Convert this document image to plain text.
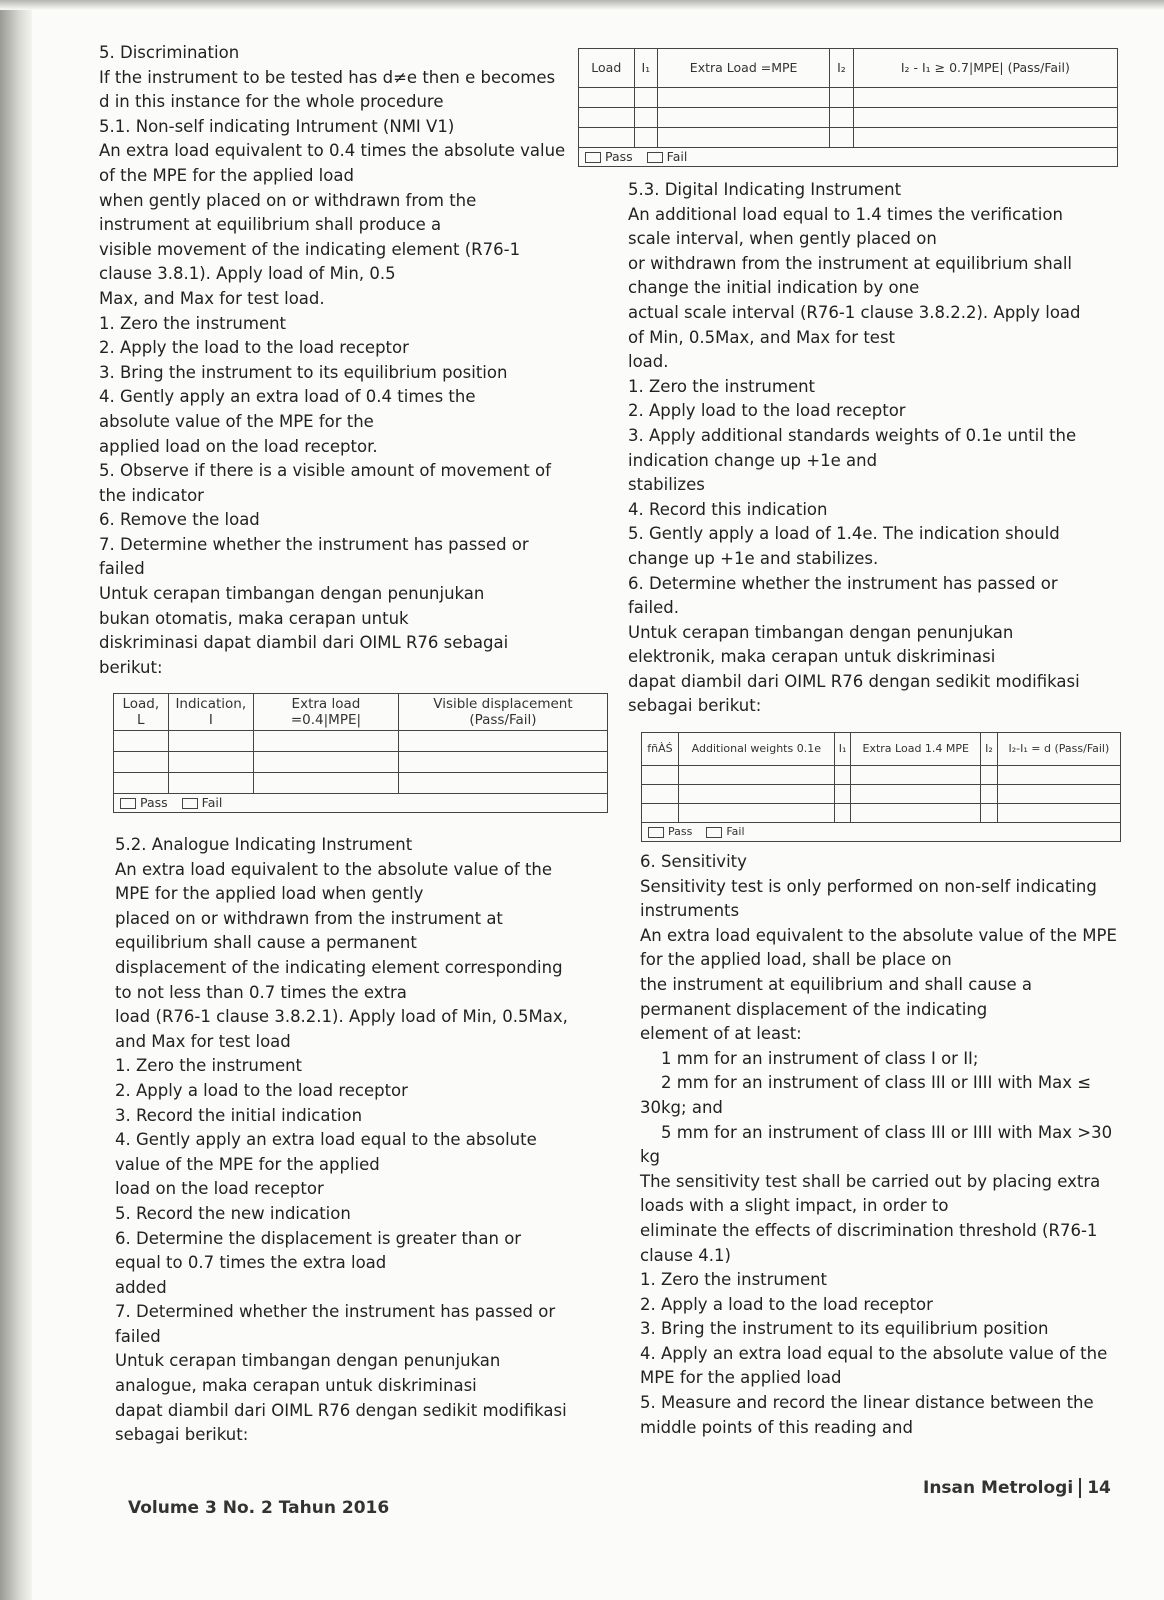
5. Discrimination
If the instrument to be tested has d≠e then e becomes
d in this instance for the whole procedure
5.1. Non-self indicating Intrument (NMI V1)
An extra load equivalent to 0.4 times the absolute value
of the MPE for the applied load
when gently placed on or withdrawn from the
instrument at equilibrium shall produce a
visible movement of the indicating element (R76-1
clause 3.8.1). Apply load of Min, 0.5
Max, and Max for test load.
1. Zero the instrument
2. Apply the load to the load receptor
3. Bring the instrument to its equilibrium position
4. Gently apply an extra load of 0.4 times the
absolute value of the MPE for the
applied load on the load receptor.
5. Observe if there is a visible amount of movement of
the indicator
6. Remove the load
7. Determine whether the instrument has passed or
failed
Untuk cerapan timbangan dengan penunjukan
bukan otomatis, maka cerapan untuk
diskriminasi dapat diambil dari OIML R76 sebagai
berikut:
5.2. Analogue Indicating Instrument
An extra load equivalent to the absolute value of the
MPE for the applied load when gently
placed on or withdrawn from the instrument at
equilibrium shall cause a permanent
displacement of the indicating element corresponding
to not less than 0.7 times the extra
load (R76-1 clause 3.8.2.1). Apply load of Min, 0.5Max,
and Max for test load
1. Zero the instrument
2. Apply a load to the load receptor
3. Record the initial indication
4. Gently apply an extra load equal to the absolute
value of the MPE for the applied
load on the load receptor
5. Record the new indication
6. Determine the displacement is greater than or
equal to 0.7 times the extra load
added
7. Determined whether the instrument has passed or
failed
Untuk cerapan timbangan dengan penunjukan
analogue, maka cerapan untuk diskriminasi
dapat diambil dari OIML R76 dengan sedikit modifikasi
sebagai berikut:
5.3. Digital Indicating Instrument
An additional load equal to 1.4 times the verification
scale interval, when gently placed on
or withdrawn from the instrument at equilibrium shall
change the initial indication by one
actual scale interval (R76-1 clause 3.8.2.2). Apply load
of Min, 0.5Max, and Max for test
load.
1. Zero the instrument
2. Apply load to the load receptor
3. Apply additional standards weights of 0.1e until the
indication change up +1e and
stabilizes
4. Record this indication
5. Gently apply a load of 1.4e. The indication should
change up +1e and stabilizes.
6. Determine whether the instrument has passed or
failed.
Untuk cerapan timbangan dengan penunjukan
elektronik, maka cerapan untuk diskriminasi
dapat diambil dari OIML R76 dengan sedikit modifikasi
sebagai berikut:
6. Sensitivity
Sensitivity test is only performed on non-self indicating
instruments
An extra load equivalent to the absolute value of the MPE
for the applied load, shall be place on
the instrument at equilibrium and shall cause a
permanent displacement of the indicating
element of at least:
1 mm for an instrument of class I or II;
2 mm for an instrument of class III or IIII with Max ≤
30kg; and
5 mm for an instrument of class III or IIII with Max >30
kg
The sensitivity test shall be carried out by placing extra
loads with a slight impact, in order to
eliminate the effects of discrimination threshold (R76-1
clause 4.1)
1. Zero the instrument
2. Apply a load to the load receptor
3. Bring the instrument to its equilibrium position
4. Apply an extra load equal to the absolute value of the
MPE for the applied load
5. Measure and record the linear distance between the
middle points of this reading and
Load	I₁	Extra Load =MPE	I₂	I₂ - I₁ ≥ 0.7|MPE| (Pass/Fail)

Pass Fail				
Load, L	Indication, I	Extra load =0.4|MPE|	Visible displacement (Pass/Fail)

Pass Fail			
fñÀŚ	Additional weights 0.1e	I₁	Extra Load 1.4 MPE	I₂	I₂-I₁ = d (Pass/Fail)

Pass Fail					
Volume 3 No. 2 Tahun 2016
Insan Metrologi 14
